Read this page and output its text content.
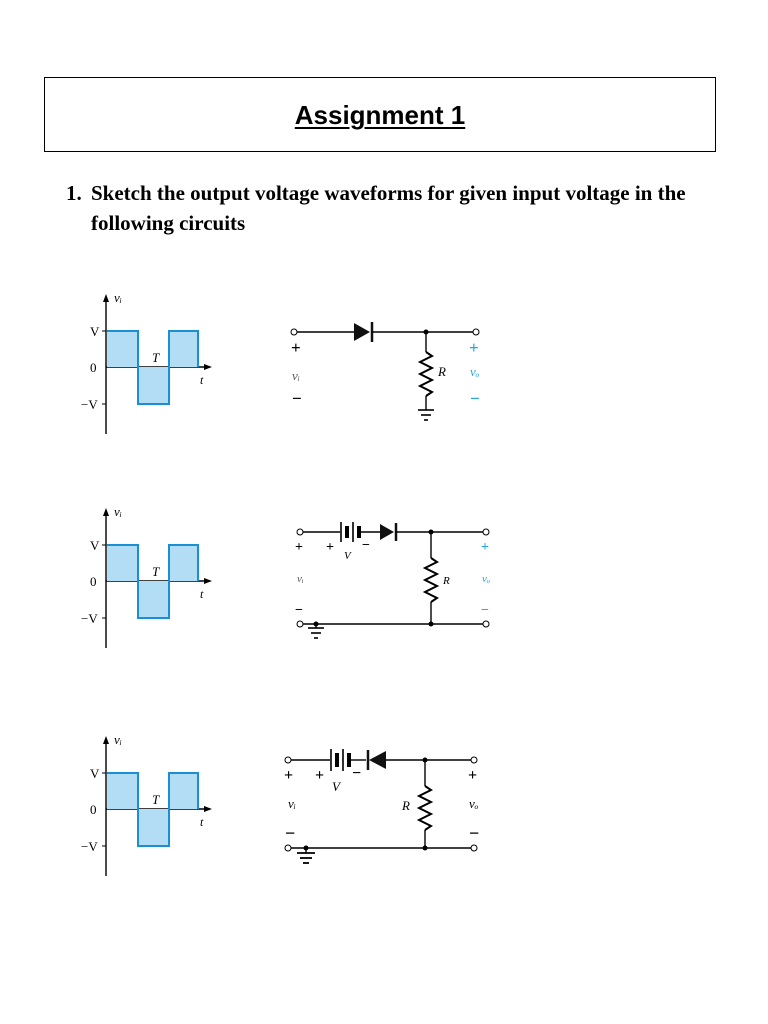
Assignment 1
1. Sketch the output voltage waveforms for given input voltage in the following circuits
vᵢ
V
0
−V
T
t
+
vᵢ
−
R
+
vₒ
−
vᵢ
V
0
−V
T
t
+ +
V
−
vᵢ
−
R
+
vₒ
−
vᵢ
V
0
−V
T
t
+ +
V
−
vᵢ
−
R
+
vₒ
−
